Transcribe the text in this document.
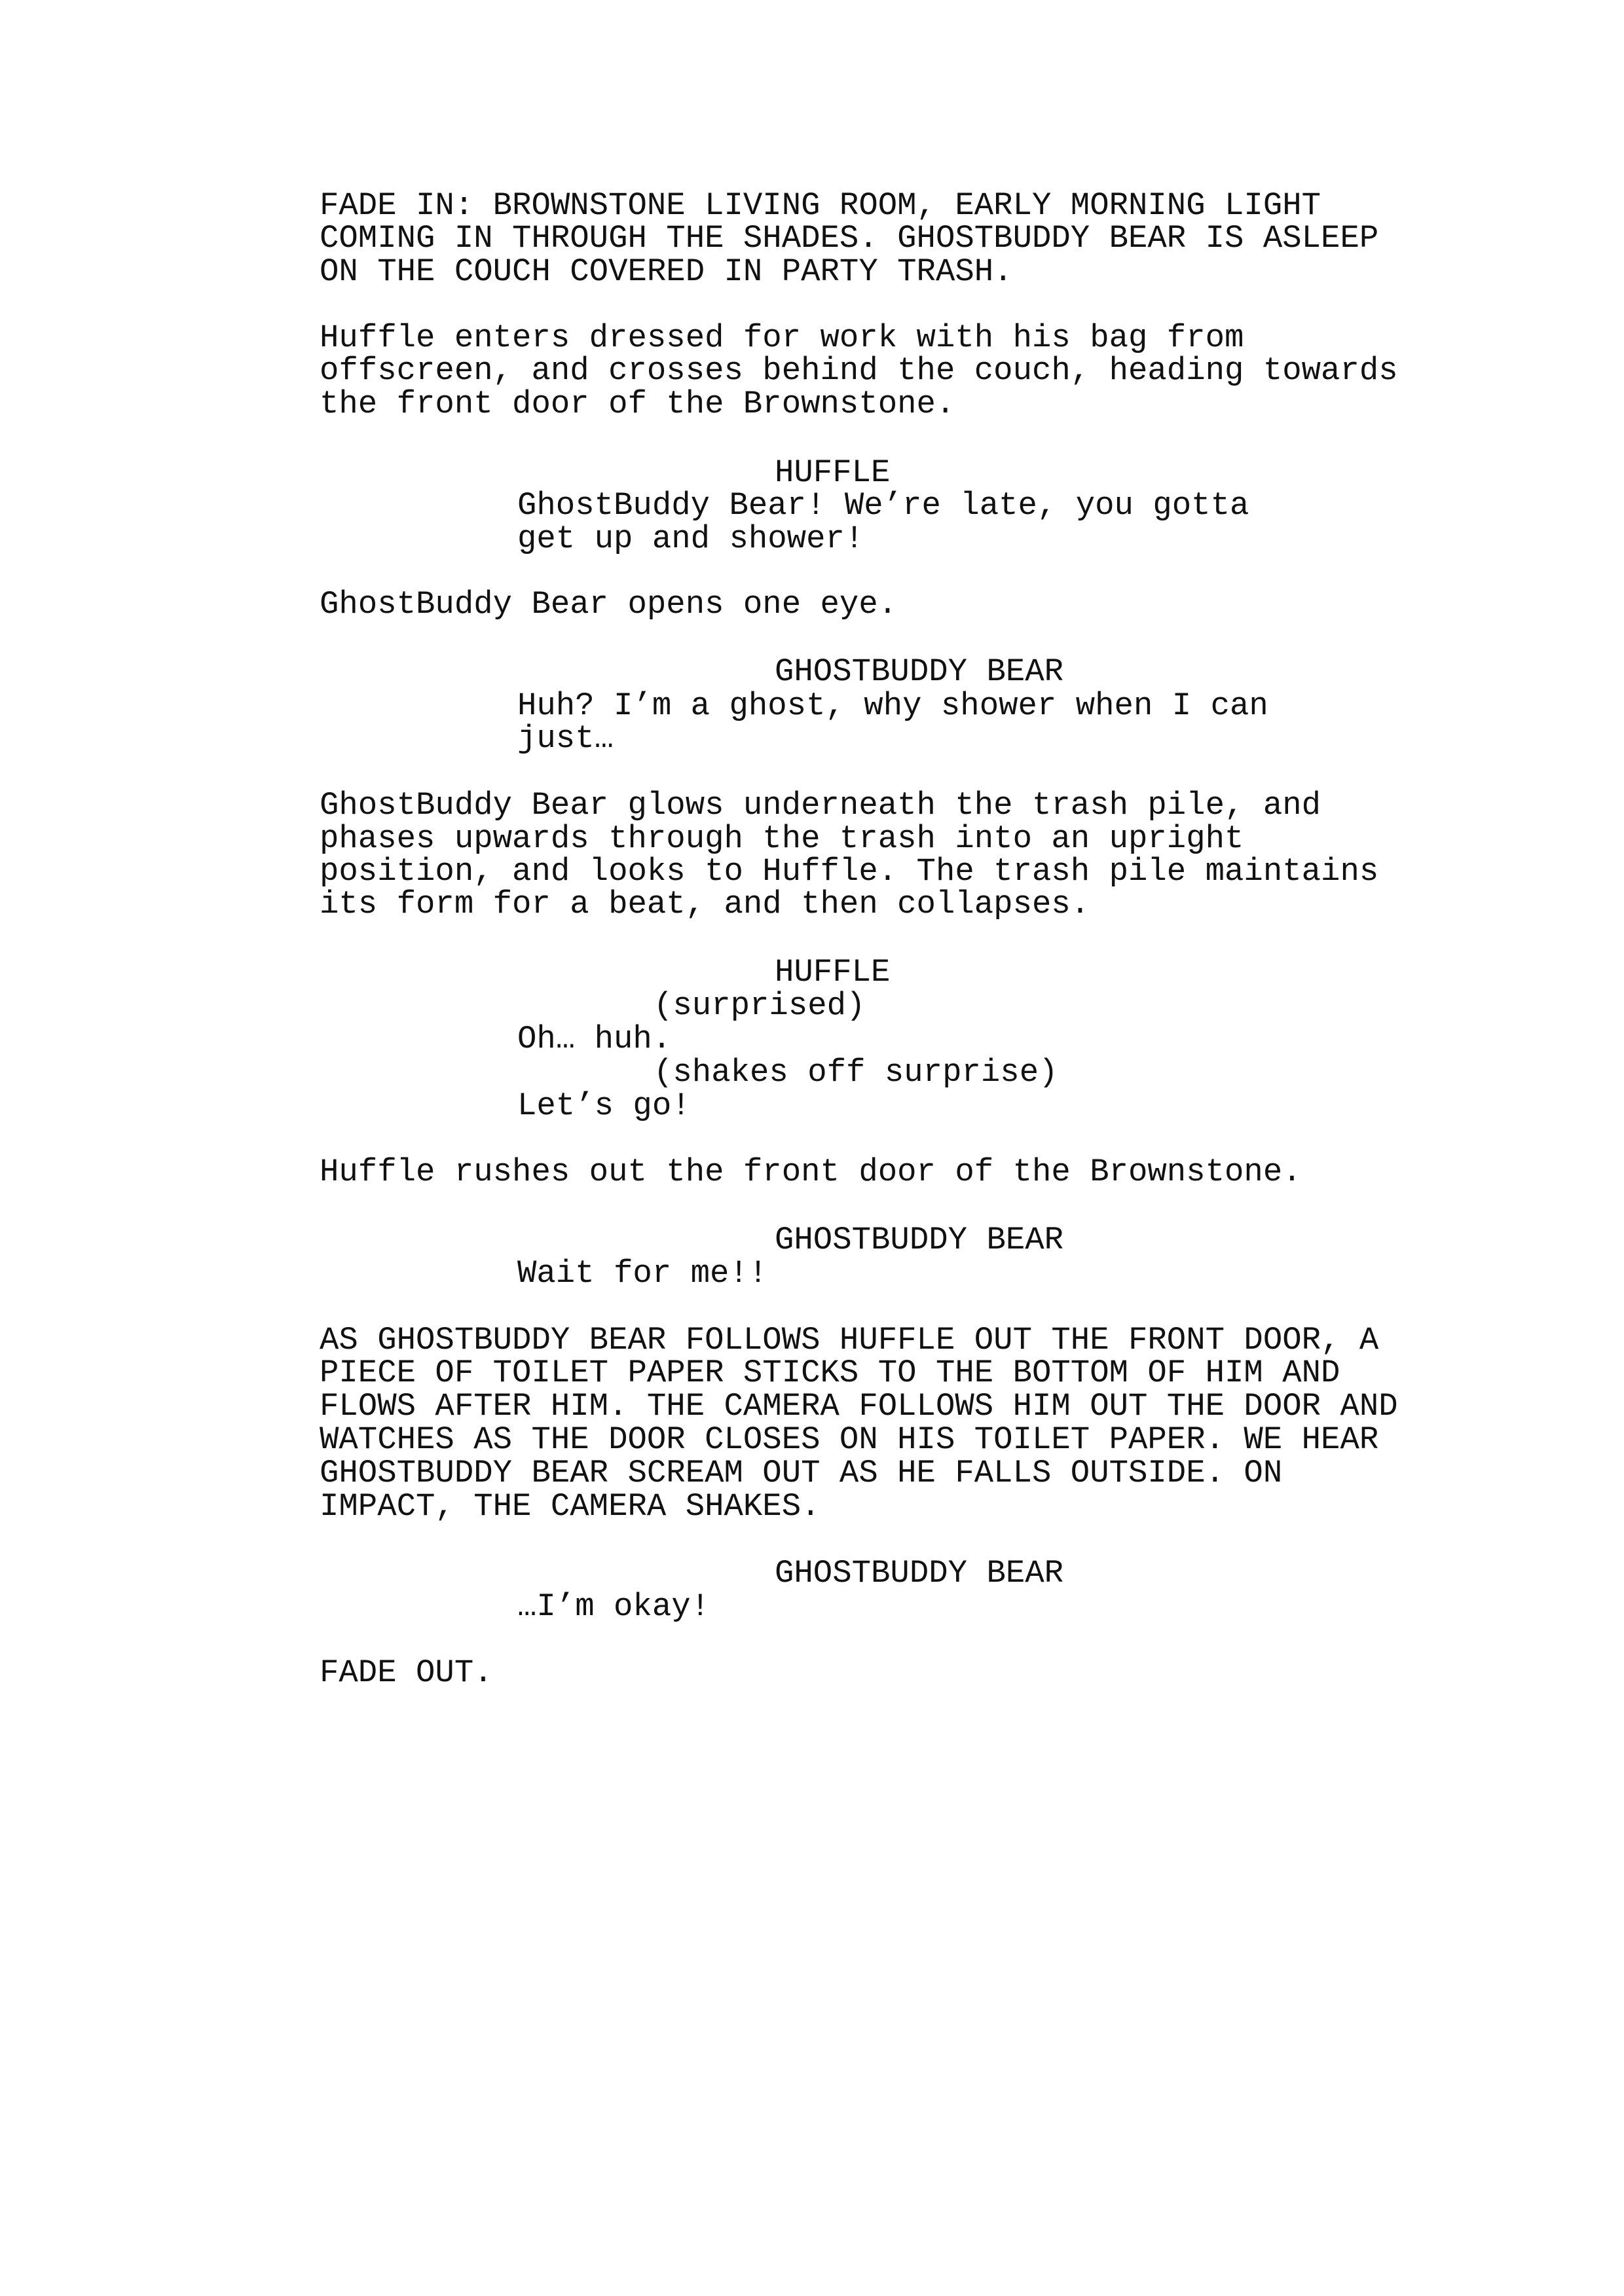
FADE IN: BROWNSTONE LIVING ROOM, EARLY MORNING LIGHT
COMING IN THROUGH THE SHADES. GHOSTBUDDY BEAR IS ASLEEP
ON THE COUCH COVERED IN PARTY TRASH.
Huffle enters dressed for work with his bag from
offscreen, and crosses behind the couch, heading towards
the front door of the Brownstone.
HUFFLE
GhostBuddy Bear! We’re late, you gotta
get up and shower!
GhostBuddy Bear opens one eye.
GHOSTBUDDY BEAR
Huh? I’m a ghost, why shower when I can
just…
GhostBuddy Bear glows underneath the trash pile, and
phases upwards through the trash into an upright
position, and looks to Huffle. The trash pile maintains
its form for a beat, and then collapses.
HUFFLE
(surprised)
Oh… huh.
(shakes off surprise)
Let’s go!
Huffle rushes out the front door of the Brownstone.
GHOSTBUDDY BEAR
Wait for me!!
AS GHOSTBUDDY BEAR FOLLOWS HUFFLE OUT THE FRONT DOOR, A
PIECE OF TOILET PAPER STICKS TO THE BOTTOM OF HIM AND
FLOWS AFTER HIM. THE CAMERA FOLLOWS HIM OUT THE DOOR AND
WATCHES AS THE DOOR CLOSES ON HIS TOILET PAPER. WE HEAR
GHOSTBUDDY BEAR SCREAM OUT AS HE FALLS OUTSIDE. ON
IMPACT, THE CAMERA SHAKES.
GHOSTBUDDY BEAR
…I’m okay!
FADE OUT.
